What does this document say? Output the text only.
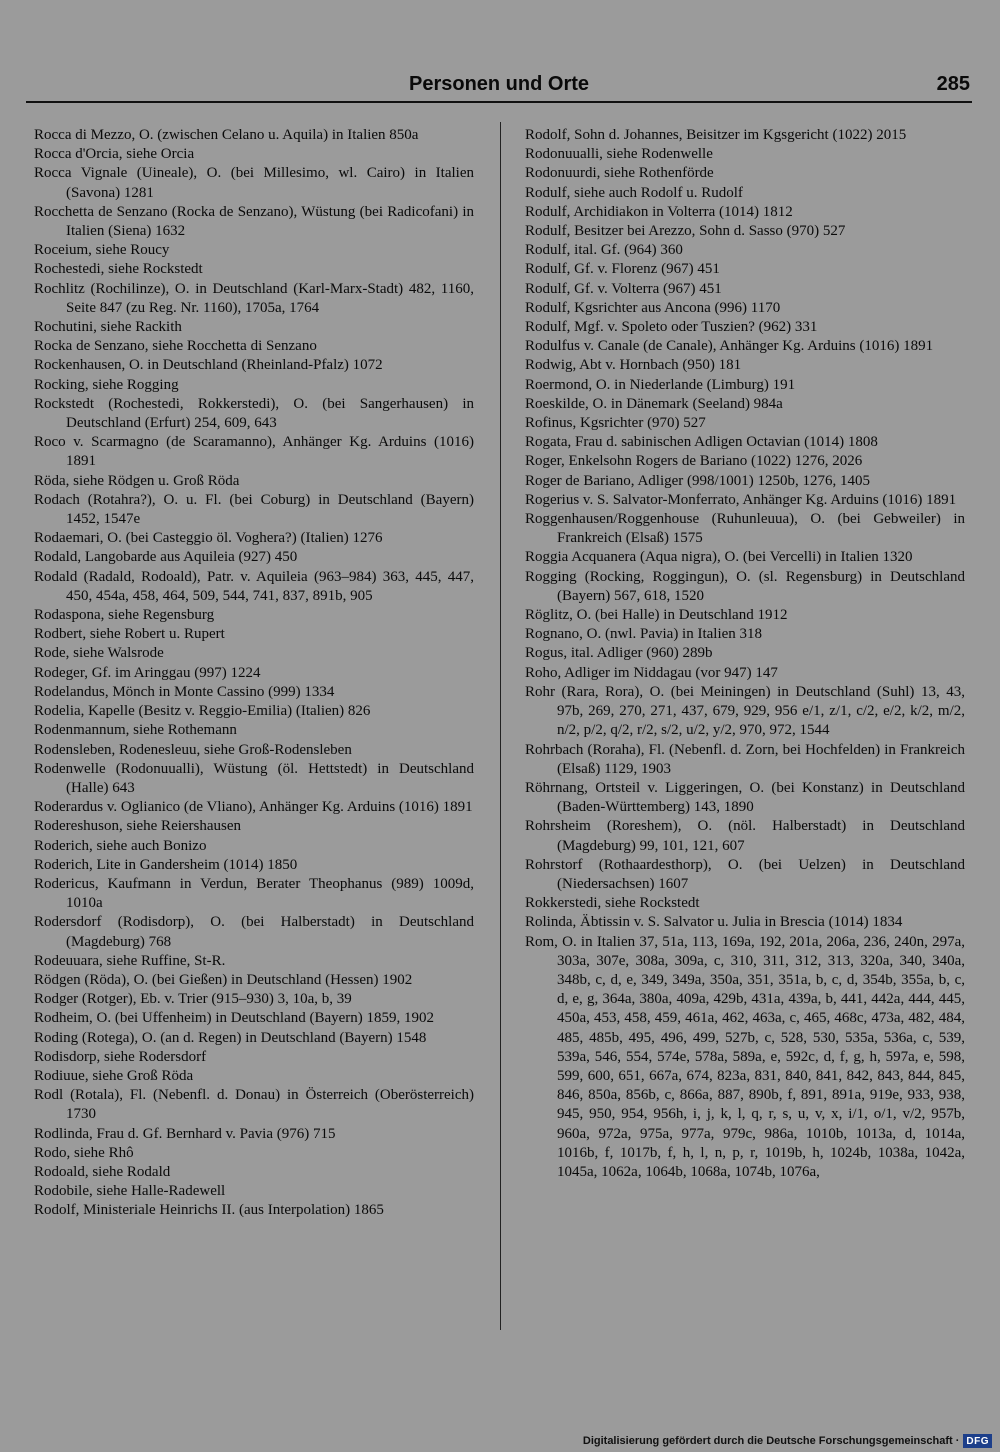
Personen und Orte	285

Rocca di Mezzo, O. (zwischen Celano u. Aquila) in Italien 850a

Rocca d'Orcia, siehe Orcia

Rocca Vignale (Uineale), O. (bei Millesimo, wl. Cairo) in Italien (Savona) 1281

Rocchetta de Senzano (Rocka de Senzano), Wüstung (bei Radicofani) in Italien (Siena) 1632

Roceium, siehe Roucy

Rochestedi, siehe Rockstedt

Rochlitz (Rochilinze), O. in Deutschland (Karl-Marx-Stadt) 482, 1160, Seite 847 (zu Reg. Nr. 1160), 1705a, 1764

Rochutini, siehe Rackith

Rocka de Senzano, siehe Rocchetta di Senzano

Rockenhausen, O. in Deutschland (Rheinland-Pfalz) 1072

Rocking, siehe Rogging

Rockstedt (Rochestedi, Rokkerstedi), O. (bei Sangerhausen) in Deutschland (Erfurt) 254, 609, 643

Roco v. Scarmagno (de Scaramanno), Anhänger Kg. Arduins (1016) 1891

Röda, siehe Rödgen u. Groß Röda

Rodach (Rotahra?), O. u. Fl. (bei Coburg) in Deutschland (Bayern) 1452, 1547e

Rodaemari, O. (bei Casteggio öl. Voghera?) (Italien) 1276

Rodald, Langobarde aus Aquileia (927) 450

Rodald (Radald, Rodoald), Patr. v. Aquileia (963–984) 363, 445, 447, 450, 454a, 458, 464, 509, 544, 741, 837, 891b, 905

Rodaspona, siehe Regensburg

Rodbert, siehe Robert u. Rupert

Rode, siehe Walsrode

Rodeger, Gf. im Aringgau (997) 1224

Rodelandus, Mönch in Monte Cassino (999) 1334

Rodelia, Kapelle (Besitz v. Reggio-Emilia) (Italien) 826

Rodenmannum, siehe Rothemann

Rodensleben, Rodenesleuu, siehe Groß-Rodensleben

Rodenwelle (Rodonuualli), Wüstung (öl. Hettstedt) in Deutschland (Halle) 643

Roderardus v. Oglianico (de Vliano), Anhänger Kg. Arduins (1016) 1891

Rodereshuson, siehe Reiershausen

Roderich, siehe auch Bonizo

Roderich, Lite in Gandersheim (1014) 1850

Rodericus, Kaufmann in Verdun, Berater Theophanus (989) 1009d, 1010a

Rodersdorf (Rodisdorp), O. (bei Halberstadt) in Deutschland (Magdeburg) 768

Rodeuuara, siehe Ruffine, St-R.

Rödgen (Röda), O. (bei Gießen) in Deutschland (Hessen) 1902

Rodger (Rotger), Eb. v. Trier (915–930) 3, 10a, b, 39

Rodheim, O. (bei Uffenheim) in Deutschland (Bayern) 1859, 1902

Roding (Rotega), O. (an d. Regen) in Deutschland (Bayern) 1548

Rodisdorp, siehe Rodersdorf

Rodiuue, siehe Groß Röda

Rodl (Rotala), Fl. (Nebenfl. d. Donau) in Österreich (Oberösterreich) 1730

Rodlinda, Frau d. Gf. Bernhard v. Pavia (976) 715

Rodo, siehe Rhô

Rodoald, siehe Rodald

Rodobile, siehe Halle-Radewell

Rodolf, Ministeriale Heinrichs II. (aus Interpolation) 1865

Rodolf, Sohn d. Johannes, Beisitzer im Kgsgericht (1022) 2015

Rodonuualli, siehe Rodenwelle

Rodonuurdi, siehe Rothenförde

Rodulf, siehe auch Rodolf u. Rudolf

Rodulf, Archidiakon in Volterra (1014) 1812

Rodulf, Besitzer bei Arezzo, Sohn d. Sasso (970) 527

Rodulf, ital. Gf. (964) 360

Rodulf, Gf. v. Florenz (967) 451

Rodulf, Gf. v. Volterra (967) 451

Rodulf, Kgsrichter aus Ancona (996) 1170

Rodulf, Mgf. v. Spoleto oder Tuszien? (962) 331

Rodulfus v. Canale (de Canale), Anhänger Kg. Arduins (1016) 1891

Rodwig, Abt v. Hornbach (950) 181

Roermond, O. in Niederlande (Limburg) 191

Roeskilde, O. in Dänemark (Seeland) 984a

Rofinus, Kgsrichter (970) 527

Rogata, Frau d. sabinischen Adligen Octavian (1014) 1808

Roger, Enkelsohn Rogers de Bariano (1022) 1276, 2026

Roger de Bariano, Adliger (998/1001) 1250b, 1276, 1405

Rogerius v. S. Salvator-Monferrato, Anhänger Kg. Arduins (1016) 1891

Roggenhausen/Roggenhouse (Ruhunleuua), O. (bei Gebweiler) in Frankreich (Elsaß) 1575

Roggia Acquanera (Aqua nigra), O. (bei Vercelli) in Italien 1320

Rogging (Rocking, Roggingun), O. (sl. Regensburg) in Deutschland (Bayern) 567, 618, 1520

Röglitz, O. (bei Halle) in Deutschland 1912

Rognano, O. (nwl. Pavia) in Italien 318

Rogus, ital. Adliger (960) 289b

Roho, Adliger im Niddagau (vor 947) 147

Rohr (Rara, Rora), O. (bei Meiningen) in Deutschland (Suhl) 13, 43, 97b, 269, 270, 271, 437, 679, 929, 956 e/1, z/1, c/2, e/2, k/2, m/2, n/2, p/2, q/2, r/2, s/2, u/2, y/2, 970, 972, 1544

Rohrbach (Roraha), Fl. (Nebenfl. d. Zorn, bei Hochfelden) in Frankreich (Elsaß) 1129, 1903

Röhrnang, Ortsteil v. Liggeringen, O. (bei Konstanz) in Deutschland (Baden-Württemberg) 143, 1890

Rohrsheim (Roreshem), O. (nöl. Halberstadt) in Deutschland (Magdeburg) 99, 101, 121, 607

Rohrstorf (Rothaardesthorp), O. (bei Uelzen) in Deutschland (Niedersachsen) 1607

Rokkerstedi, siehe Rockstedt

Rolinda, Äbtissin v. S. Salvator u. Julia in Brescia (1014) 1834

Rom, O. in Italien 37, 51a, 113, 169a, 192, 201a, 206a, 236, 240n, 297a, 303a, 307e, 308a, 309a, c, 310, 311, 312, 313, 320a, 340, 340a, 348b, c, d, e, 349, 349a, 350a, 351, 351a, b, c, d, 354b, 355a, b, c, d, e, g, 364a, 380a, 409a, 429b, 431a, 439a, b, 441, 442a, 444, 445, 450a, 453, 458, 459, 461a, 462, 463a, c, 465, 468c, 473a, 482, 484, 485, 485b, 495, 496, 499, 527b, c, 528, 530, 535a, 536a, c, 539, 539a, 546, 554, 574e, 578a, 589a, e, 592c, d, f, g, h, 597a, e, 598, 599, 600, 651, 667a, 674, 823a, 831, 840, 841, 842, 843, 844, 845, 846, 850a, 856b, c, 866a, 887, 890b, f, 891, 891a, 919e, 933, 938, 945, 950, 954, 956h, i, j, k, l, q, r, s, u, v, x, i/1, o/1, v/2, 957b, 960a, 972a, 975a, 977a, 979c, 986a, 1010b, 1013a, d, 1014a, 1016b, f, 1017b, f, h, l, n, p, r, 1019b, h, 1024b, 1038a, 1042a, 1045a, 1062a, 1064b, 1068a, 1074b, 1076a,

Digitalisierung gefördert durch die Deutsche Forschungsgemeinschaft · DFG
